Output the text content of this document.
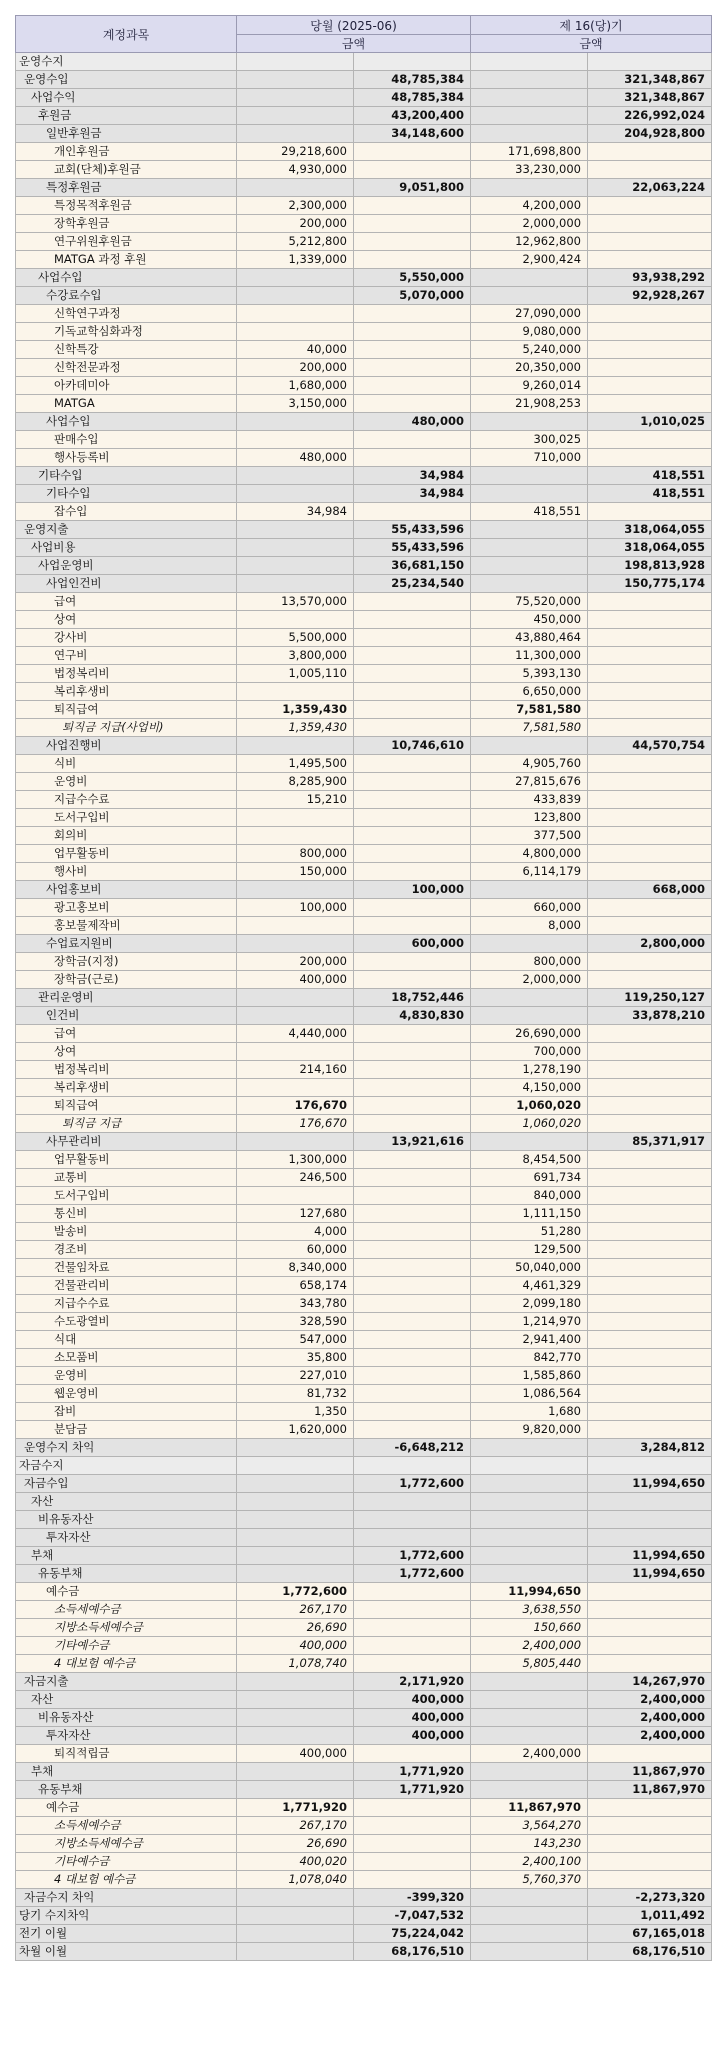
계정과목	당월 (2025-06)		제 16(당)기	
	금액		금액	
운영수지				
운영수입		48,785,384		321,348,867
사업수익		48,785,384		321,348,867
후원금		43,200,400		226,992,024
일반후원금		34,148,600		204,928,800
개인후원금	29,218,600		171,698,800	
교회(단체)후원금	4,930,000		33,230,000	
특정후원금		9,051,800		22,063,224
특정목적후원금	2,300,000		4,200,000	
장학후원금	200,000		2,000,000	
연구위원후원금	5,212,800		12,962,800	
MATGA 과정 후원	1,339,000		2,900,424	
사업수입		5,550,000		93,938,292
수강료수입		5,070,000		92,928,267
신학연구과정			27,090,000	
기독교학심화과정			9,080,000	
신학특강	40,000		5,240,000	
신학전문과정	200,000		20,350,000	
아카데미아	1,680,000		9,260,014	
MATGA	3,150,000		21,908,253	
사업수입		480,000		1,010,025
판매수입			300,025	
행사등록비	480,000		710,000	
기타수입		34,984		418,551
기타수입		34,984		418,551
잡수입	34,984		418,551	
운영지출		55,433,596		318,064,055
사업비용		55,433,596		318,064,055
사업운영비		36,681,150		198,813,928
사업인건비		25,234,540		150,775,174
급여	13,570,000		75,520,000	
상여			450,000	
강사비	5,500,000		43,880,464	
연구비	3,800,000		11,300,000	
법정복리비	1,005,110		5,393,130	
복리후생비			6,650,000	
퇴직급여	1,359,430		7,581,580	
퇴직금 지급(사업비)	1,359,430		7,581,580	
사업진행비		10,746,610		44,570,754
식비	1,495,500		4,905,760	
운영비	8,285,900		27,815,676	
지급수수료	15,210		433,839	
도서구입비			123,800	
회의비			377,500	
업무활동비	800,000		4,800,000	
행사비	150,000		6,114,179	
사업홍보비		100,000		668,000
광고홍보비	100,000		660,000	
홍보물제작비			8,000	
수업료지원비		600,000		2,800,000
장학금(지정)	200,000		800,000	
장학금(근로)	400,000		2,000,000	
관리운영비		18,752,446		119,250,127
인건비		4,830,830		33,878,210
급여	4,440,000		26,690,000	
상여			700,000	
법정복리비	214,160		1,278,190	
복리후생비			4,150,000	
퇴직급여	176,670		1,060,020	
퇴직금 지급	176,670		1,060,020	
사무관리비		13,921,616		85,371,917
업무활동비	1,300,000		8,454,500	
교통비	246,500		691,734	
도서구입비			840,000	
통신비	127,680		1,111,150	
발송비	4,000		51,280	
경조비	60,000		129,500	
건물임차료	8,340,000		50,040,000	
건물관리비	658,174		4,461,329	
지급수수료	343,780		2,099,180	
수도광열비	328,590		1,214,970	
식대	547,000		2,941,400	
소모품비	35,800		842,770	
운영비	227,010		1,585,860	
웹운영비	81,732		1,086,564	
잡비	1,350		1,680	
분담금	1,620,000		9,820,000	
운영수지 차익		-6,648,212		3,284,812
자금수지				
자금수입		1,772,600		11,994,650
자산				
비유동자산				
투자자산				
부채		1,772,600		11,994,650
유동부채		1,772,600		11,994,650
예수금	1,772,600		11,994,650	
소득세예수금	267,170		3,638,550	
지방소득세예수금	26,690		150,660	
기타예수금	400,000		2,400,000	
4 대보험 예수금	1,078,740		5,805,440	
자금지출		2,171,920		14,267,970
자산		400,000		2,400,000
비유동자산		400,000		2,400,000
투자자산		400,000		2,400,000
퇴직적립금	400,000		2,400,000	
부채		1,771,920		11,867,970
유동부채		1,771,920		11,867,970
예수금	1,771,920		11,867,970	
소득세예수금	267,170		3,564,270	
지방소득세예수금	26,690		143,230	
기타예수금	400,020		2,400,100	
4 대보험 예수금	1,078,040		5,760,370	
자금수지 차익		-399,320		-2,273,320
당기 수지차익		-7,047,532		1,011,492
전기 이월		75,224,042		67,165,018
차월 이월		68,176,510		68,176,510
